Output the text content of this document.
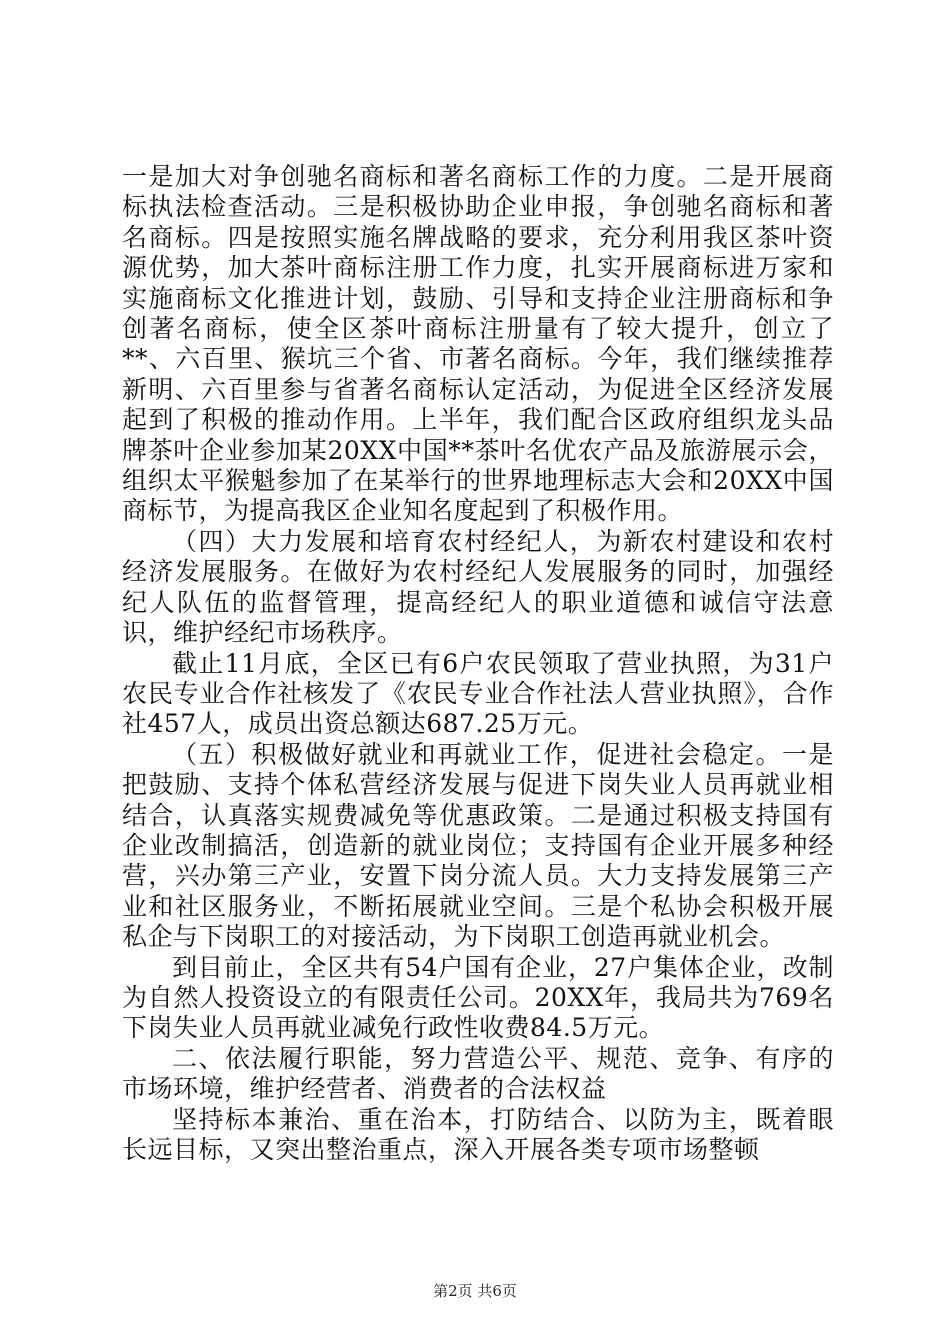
一是加大对争创驰名商标和著名商标工作的力度。二是开展商标执法检查活动。三是积极协助企业申报，争创驰名商标和著名商标。四是按照实施名牌战略的要求，充分利用我区茶叶资源优势，加大茶叶商标注册工作力度，扎实开展商标进万家和实施商标文化推进计划，鼓励、引导和支持企业注册商标和争创著名商标，使全区茶叶商标注册量有了较大提升，创立了**、六百里、猴坑三个省、市著名商标。今年，我们继续推荐新明、六百里参与省著名商标认定活动，为促进全区经济发展起到了积极的推动作用。上半年，我们配合区政府组织龙头品牌茶叶企业参加某20XX中国**茶叶名优农产品及旅游展示会，组织太平猴魁参加了在某举行的世界地理标志大会和20XX中国商标节，为提高我区企业知名度起到了积极作用。

（四）大力发展和培育农村经纪人，为新农村建设和农村经济发展服务。在做好为农村经纪人发展服务的同时，加强经纪人队伍的监督管理，提高经纪人的职业道德和诚信守法意识，维护经纪市场秩序。

截止11月底，全区已有6户农民领取了营业执照，为31户农民专业合作社核发了《农民专业合作社法人营业执照》，合作社457人，成员出资总额达687.25万元。

（五）积极做好就业和再就业工作，促进社会稳定。一是把鼓励、支持个体私营经济发展与促进下岗失业人员再就业相结合，认真落实规费减免等优惠政策。二是通过积极支持国有企业改制搞活，创造新的就业岗位；支持国有企业开展多种经营，兴办第三产业，安置下岗分流人员。大力支持发展第三产业和社区服务业，不断拓展就业空间。三是个私协会积极开展私企与下岗职工的对接活动，为下岗职工创造再就业机会。

到目前止，全区共有54户国有企业，27户集体企业，改制为自然人投资设立的有限责任公司。20XX年，我局共为769名下岗失业人员再就业减免行政性收费84.5万元。

二、依法履行职能，努力营造公平、规范、竞争、有序的市场环境，维护经营者、消费者的合法权益

坚持标本兼治、重在治本，打防结合、以防为主，既着眼长远目标，又突出整治重点，深入开展各类专项市场整顿

第2页 共6页
